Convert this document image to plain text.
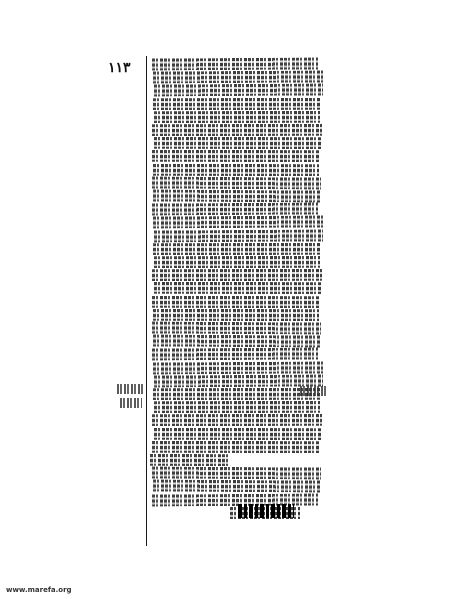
١١٣
www.marefa.org
